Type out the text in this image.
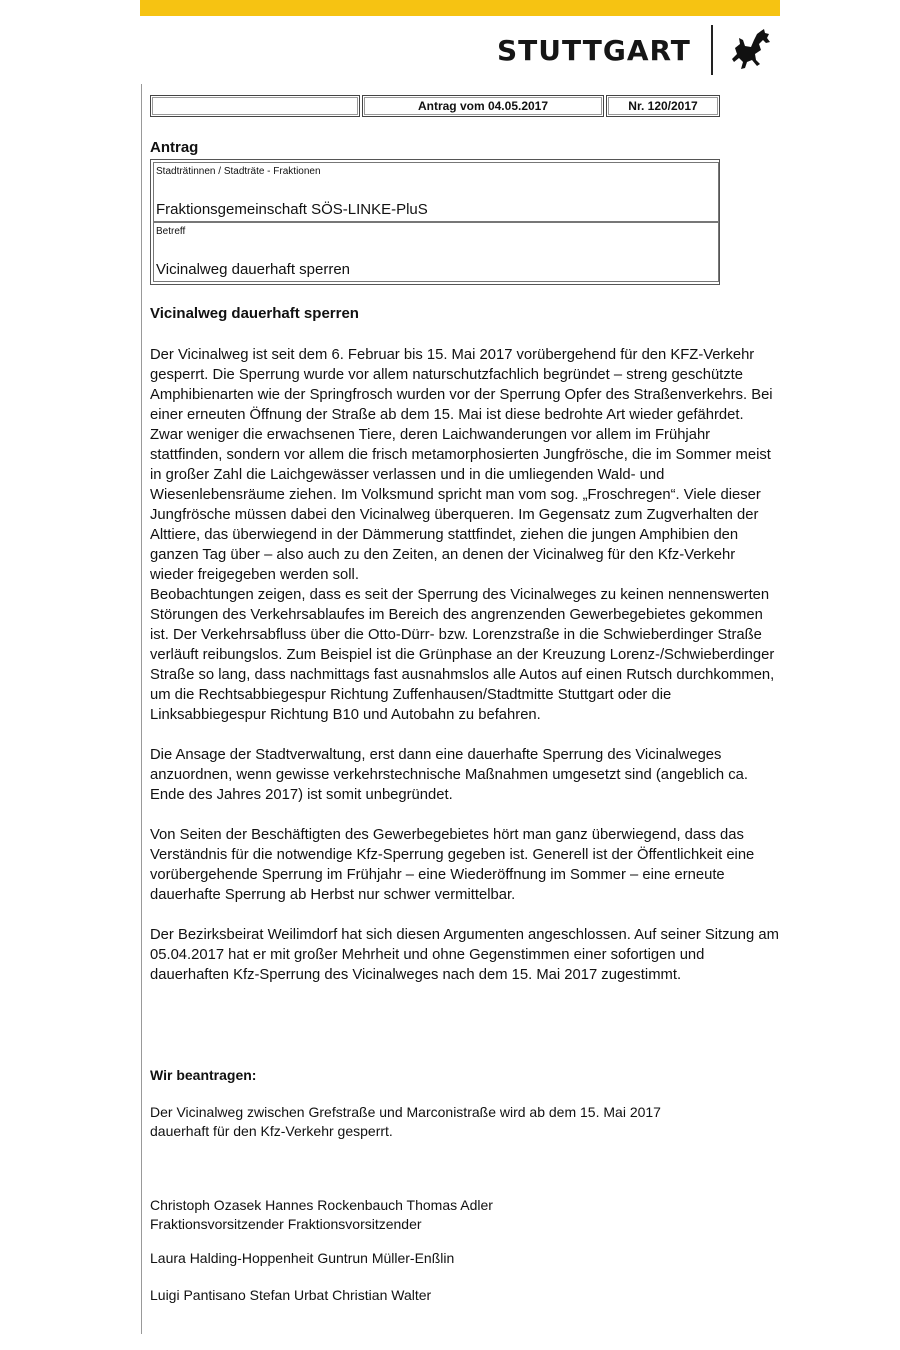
STUTTGART
Antrag vom 04.05.2017	Nr. 120/2017
Antrag
Stadträtinnen / Stadträte - Fraktionen
Fraktionsgemeinschaft SÖS-LINKE-PluS
Betreff
Vicinalweg dauerhaft sperren
Vicinalweg dauerhaft sperren

Der Vicinalweg ist seit dem 6. Februar bis 15. Mai 2017 vorübergehend für den KFZ-Verkehr gesperrt. Die Sperrung wurde vor allem naturschutzfachlich begründet – streng geschützte Amphibienarten wie der Springfrosch wurden vor der Sperrung Opfer des Straßenverkehrs. Bei einer erneuten Öffnung der Straße ab dem 15. Mai ist diese bedrohte Art wieder gefährdet. Zwar weniger die erwachsenen Tiere, deren Laichwanderungen vor allem im Frühjahr stattfinden, sondern vor allem die frisch metamorphosierten Jungfrösche, die im Sommer meist in großer Zahl die Laichgewässer verlassen und in die umliegenden Wald- und Wiesenlebensräume ziehen. Im Volksmund spricht man vom sog. „Froschregen“. Viele dieser Jungfrösche müssen dabei den Vicinalweg überqueren. Im Gegensatz zum Zugverhalten der Alttiere, das überwiegend in der Dämmerung stattfindet, ziehen die jungen Amphibien den ganzen Tag über – also auch zu den Zeiten, an denen der Vicinalweg für den Kfz-Verkehr wieder freigegeben werden soll.
Beobachtungen zeigen, dass es seit der Sperrung des Vicinalweges zu keinen nennenswerten Störungen des Verkehrsablaufes im Bereich des angrenzenden Gewerbegebietes gekommen ist. Der Verkehrsabfluss über die Otto-Dürr- bzw. Lorenzstraße in die Schwieberdinger Straße verläuft reibungslos. Zum Beispiel ist die Grünphase an der Kreuzung Lorenz-/Schwieberdinger Straße so lang, dass nachmittags fast ausnahmslos alle Autos auf einen Rutsch durchkommen, um die Rechtsabbiegespur Richtung Zuffenhausen/Stadtmitte Stuttgart oder die Linksabbiegespur Richtung B10 und Autobahn zu befahren.

Die Ansage der Stadtverwaltung, erst dann eine dauerhafte Sperrung des Vicinalweges anzuordnen, wenn gewisse verkehrstechnische Maßnahmen umgesetzt sind (angeblich ca. Ende des Jahres 2017) ist somit unbegründet.

Von Seiten der Beschäftigten des Gewerbegebietes hört man ganz überwiegend, dass das Verständnis für die notwendige Kfz-Sperrung gegeben ist. Generell ist der Öffentlichkeit eine vorübergehende Sperrung im Frühjahr – eine Wiederöffnung im Sommer – eine erneute dauerhafte Sperrung ab Herbst nur schwer vermittelbar.

Der Bezirksbeirat Weilimdorf hat sich diesen Argumenten angeschlossen. Auf seiner Sitzung am 05.04.2017 hat er mit großer Mehrheit und ohne Gegenstimmen einer sofortigen und dauerhaften Kfz-Sperrung des Vicinalweges nach dem 15. Mai 2017 zugestimmt.

Wir beantragen:
Der Vicinalweg zwischen Grefstraße und Marconistraße wird ab dem 15. Mai 2017
dauerhaft für den Kfz-Verkehr gesperrt.
Christoph Ozasek Hannes Rockenbauch Thomas Adler
Fraktionsvorsitzender Fraktionsvorsitzender
Laura Halding-Hoppenheit Guntrun Müller-Enßlin
Luigi Pantisano Stefan Urbat Christian Walter
